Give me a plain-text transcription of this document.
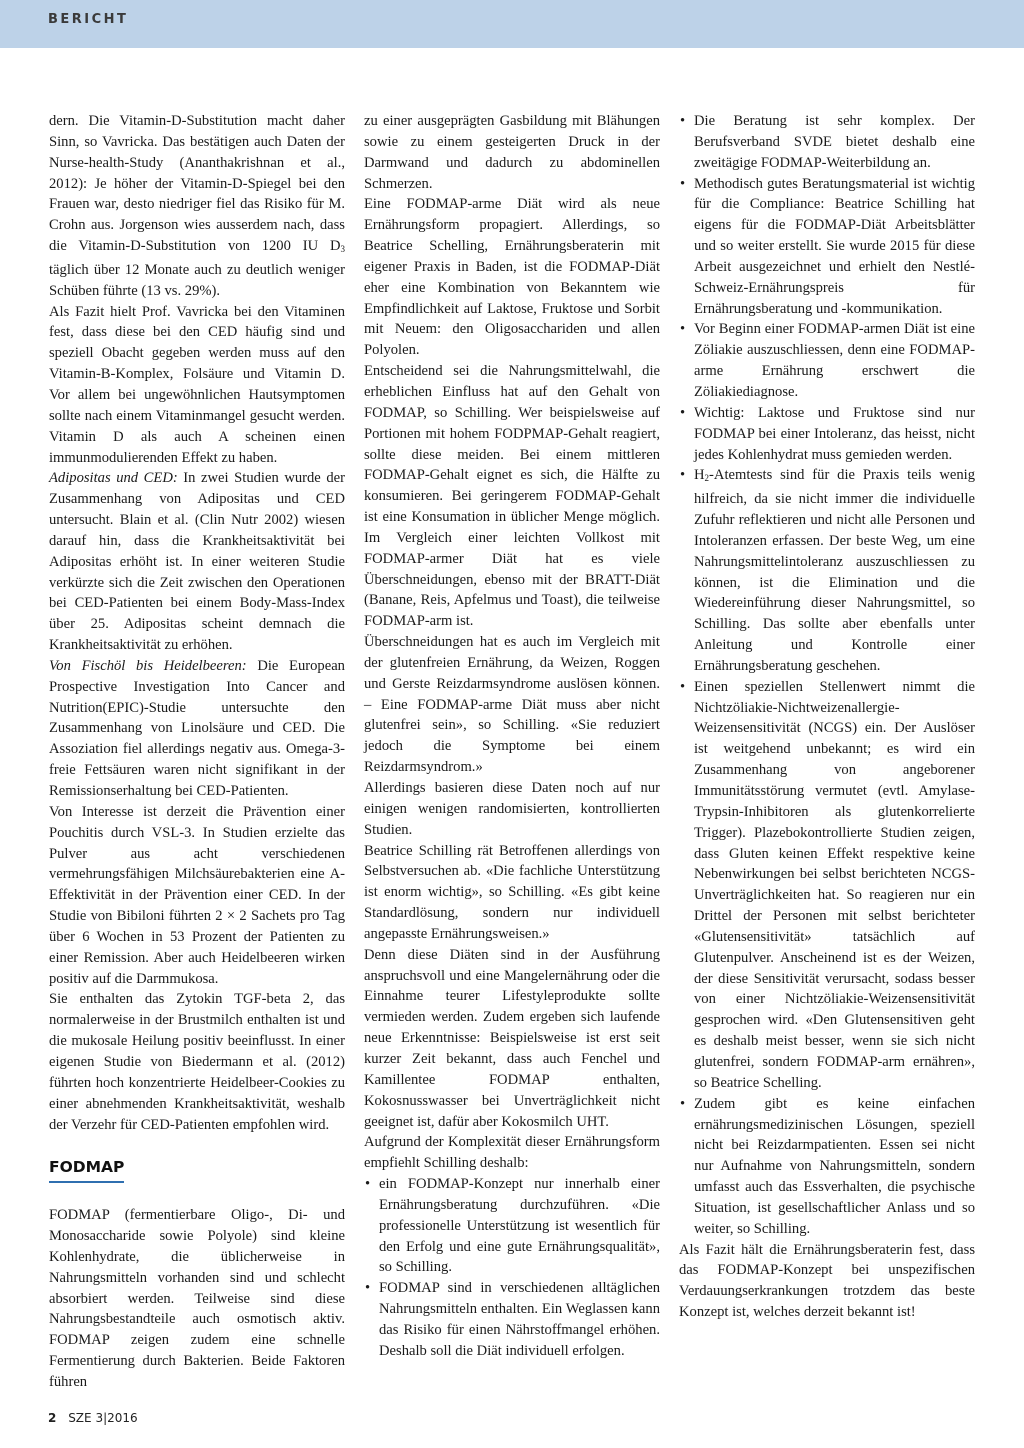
BERICHT

dern. Die Vitamin-D-Substitution macht daher Sinn, so Vavricka. Das bestätigen auch Daten der Nurse-health-Study (Ananthakrishnan et al., 2012): Je höher der Vitamin-D-Spiegel bei den Frauen war, desto niedriger fiel das Risiko für M. Crohn aus. Jorgenson wies ausserdem nach, dass die Vitamin-D-Substitution von 1200 IU $D_3$ täglich über 12 Monate auch zu deutlich weniger Schüben führte (13 vs. 29%).

Als Fazit hielt Prof. Vavricka bei den Vitaminen fest, dass diese bei den CED häufig sind und speziell Obacht gegeben werden muss auf den Vitamin-B-Komplex, Folsäure und Vitamin D. Vor allem bei ungewöhnlichen Hautsymptomen sollte nach einem Vitaminmangel gesucht werden. Vitamin D als auch A scheinen einen immunmodulierenden Effekt zu haben.

Adipositas und CED: In zwei Studien wurde der Zusammenhang von Adipositas und CED untersucht. Blain et al. (Clin Nutr 2002) wiesen darauf hin, dass die Krankheitsaktivität bei Adipositas erhöht ist. In einer weiteren Studie verkürzte sich die Zeit zwischen den Operationen bei CED-Patienten bei einem Body-Mass-Index über 25. Adipositas scheint demnach die Krankheitsaktivität zu erhöhen.

Von Fischöl bis Heidelbeeren: Die European Prospective Investigation Into Cancer and Nutrition(EPIC)-Studie untersuchte den Zusammenhang von Linolsäure und CED. Die Assoziation fiel allerdings negativ aus. Omega-3-freie Fettsäuren waren nicht signifikant in der Remissionserhaltung bei CED-Patienten.

Von Interesse ist derzeit die Prävention einer Pouchitis durch VSL-3. In Studien erzielte das Pulver aus acht verschiedenen vermehrungsfähigen Milchsäurebakterien eine A-Effektivität in der Prävention einer CED. In der Studie von Bibiloni führten 2 × 2 Sachets pro Tag über 6 Wochen in 53 Prozent der Patienten zu einer Remission. Aber auch Heidelbeeren wirken positiv auf die Darmmukosa.

Sie enthalten das Zytokin TGF-beta 2, das normalerweise in der Brustmilch enthalten ist und die mukosale Heilung positiv beeinflusst. In einer eigenen Studie von Biedermann et al. (2012) führten hoch konzentrierte Heidelbeer-Cookies zu einer abnehmenden Krankheitsaktivität, weshalb der Verzehr für CED-Patienten empfohlen wird.

FODMAP

FODMAP (fermentierbare Oligo-, Di- und Monosaccharide sowie Polyole) sind kleine Kohlenhydrate, die üblicherweise in Nahrungsmitteln vorhanden sind und schlecht absorbiert werden. Teilweise sind diese Nahrungsbestandteile auch osmotisch aktiv. FODMAP zeigen zudem eine schnelle Fermentierung durch Bakterien. Beide Faktoren führen

zu einer ausgeprägten Gasbildung mit Blähungen sowie zu einem gesteigerten Druck in der Darmwand und dadurch zu abdominellen Schmerzen.

Eine FODMAP-arme Diät wird als neue Ernährungsform propagiert. Allerdings, so Beatrice Schelling, Ernährungsberaterin mit eigener Praxis in Baden, ist die FODMAP-Diät eher eine Kombination von Bekanntem wie Empfindlichkeit auf Laktose, Fruktose und Sorbit mit Neuem: den Oligosacchariden und allen Polyolen.

Entscheidend sei die Nahrungsmittelwahl, die erheblichen Einfluss hat auf den Gehalt von FODMAP, so Schilling. Wer beispielsweise auf Portionen mit hohem FODPMAP-Gehalt reagiert, sollte diese meiden. Bei einem mittleren FODMAP-Gehalt eignet es sich, die Hälfte zu konsumieren. Bei geringerem FODMAP-Gehalt ist eine Konsumation in üblicher Menge möglich. Im Vergleich einer leichten Vollkost mit FODMAP-armer Diät hat es viele Überschneidungen, ebenso mit der BRATT-Diät (Banane, Reis, Apfelmus und Toast), die teilweise FODMAP-arm ist.

Überschneidungen hat es auch im Vergleich mit der glutenfreien Ernährung, da Weizen, Roggen und Gerste Reizdarmsyndrome auslösen können. – Eine FODMAP-arme Diät muss aber nicht glutenfrei sein», so Schilling. «Sie reduziert jedoch die Symptome bei einem Reizdarmsyndrom.»

Allerdings basieren diese Daten noch auf nur einigen wenigen randomisierten, kontrollierten Studien.

Beatrice Schilling rät Betroffenen allerdings von Selbstversuchen ab. «Die fachliche Unterstützung ist enorm wichtig», so Schilling. «Es gibt keine Standardlösung, sondern nur individuell angepasste Ernährungsweisen.»

Denn diese Diäten sind in der Ausführung anspruchsvoll und eine Mangelernährung oder die Einnahme teurer Lifestyleprodukte sollte vermieden werden. Zudem ergeben sich laufende neue Erkenntnisse: Beispielsweise ist erst seit kurzer Zeit bekannt, dass auch Fenchel und Kamillentee FODMAP enthalten, Kokosnusswasser bei Unverträglichkeit nicht geeignet ist, dafür aber Kokosmilch UHT.

Aufgrund der Komplexität dieser Ernährungsform empfiehlt Schilling deshalb:

• ein FODMAP-Konzept nur innerhalb einer Ernährungsberatung durchzuführen. «Die professionelle Unterstützung ist wesentlich für den Erfolg und eine gute Ernährungsqualität», so Schilling.
• FODMAP sind in verschiedenen alltäglichen Nahrungsmitteln enthalten. Ein Weglassen kann das Risiko für einen Nährstoffmangel erhöhen. Deshalb soll die Diät individuell erfolgen.
• Die Beratung ist sehr komplex. Der Berufsverband SVDE bietet deshalb eine zweitägige FODMAP-Weiterbildung an.
• Methodisch gutes Beratungsmaterial ist wichtig für die Compliance: Beatrice Schilling hat eigens für die FODMAP-Diät Arbeitsblätter und so weiter erstellt. Sie wurde 2015 für diese Arbeit ausgezeichnet und erhielt den Nestlé-Schweiz-Ernährungspreis für Ernährungsberatung und -kommunikation.
• Vor Beginn einer FODMAP-armen Diät ist eine Zöliakie auszuschliessen, denn eine FODMAP-arme Ernährung erschwert die Zöliakiediagnose.
• Wichtig: Laktose und Fruktose sind nur FODMAP bei einer Intoleranz, das heisst, nicht jedes Kohlenhydrat muss gemieden werden.
• $H_2$-Atemtests sind für die Praxis teils wenig hilfreich, da sie nicht immer die individuelle Zufuhr reflektieren und nicht alle Personen und Intoleranzen erfassen. Der beste Weg, um eine Nahrungsmittelintoleranz auszuschliessen zu können, ist die Elimination und die Wiedereinführung dieser Nahrungsmittel, so Schilling. Das sollte aber ebenfalls unter Anleitung und Kontrolle einer Ernährungsberatung geschehen.
• Einen speziellen Stellenwert nimmt die Nichtzöliakie-Nichtweizenallergie-Weizensensitivität (NCGS) ein. Der Auslöser ist weitgehend unbekannt; es wird ein Zusammenhang von angeborener Immunitätsstörung vermutet (evtl. Amylase-Trypsin-Inhibitoren als glutenkorrelierte Trigger). Plazebokontrollierte Studien zeigen, dass Gluten keinen Effekt respektive keine Nebenwirkungen bei selbst berichteten NCGS-Unverträglichkeiten hat. So reagieren nur ein Drittel der Personen mit selbst berichteter «Glutensensitivität» tatsächlich auf Glutenpulver. Anscheinend ist es der Weizen, der diese Sensitivität verursacht, sodass besser von einer Nichtzöliakie-Weizensensitivität gesprochen wird. «Den Glutensensitiven geht es deshalb meist besser, wenn sie sich nicht glutenfrei, sondern FODMAP-arm ernähren», so Beatrice Schelling.
• Zudem gibt es keine einfachen ernährungsmedizinischen Lösungen, speziell nicht bei Reizdarmpatienten. Essen sei nicht nur Aufnahme von Nahrungsmitteln, sondern umfasst auch das Essverhalten, die psychische Situation, ist gesellschaftlicher Anlass und so weiter, so Schilling.

Als Fazit hält die Ernährungsberaterin fest, dass das FODMAP-Konzept bei unspezifischen Verdauungserkrankungen trotzdem das beste Konzept ist, welches derzeit bekannt ist!

2 SZE 3|2016
